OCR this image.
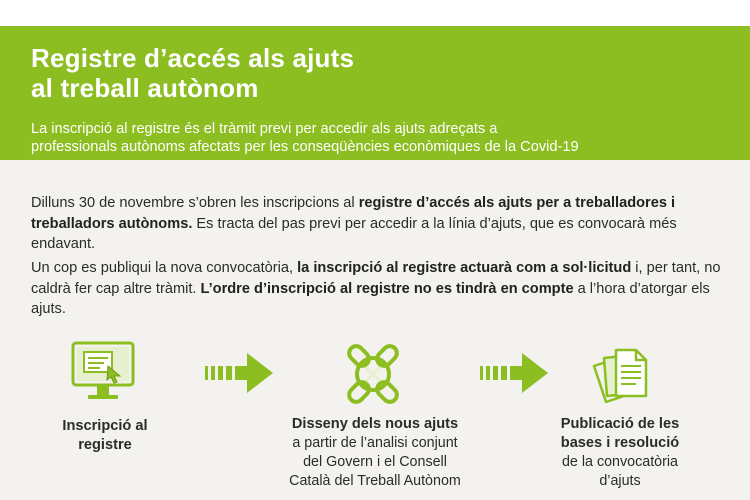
Registre d’accés als ajuts
al treball autònom

La inscripció al registre és el tràmit previ per accedir als ajuts adreçats a
professionals autònoms afectats per les conseqüències econòmiques de la Covid-19

Dilluns 30 de novembre s’obren les inscripcions al registre d’accés als ajuts per a treballadores i treballadors autònoms. Es tracta del pas previ per accedir a la línia d’ajuts, que es convocarà més endavant.

Un cop es publiqui la nova convocatòria, la inscripció al registre actuarà com a sol·licitud i, per tant, no caldrà fer cap altre tràmit. L’ordre d’inscripció al registre no es tindrà en compte a l’hora d’atorgar els ajuts.

Inscripció al
registre
Disseny dels nous ajuts
a partir de l’analisi conjunt
del Govern i el Consell
Català del Treball Autònom
Publicació de les
bases i resolució
de la convocatòria
d’ajuts
